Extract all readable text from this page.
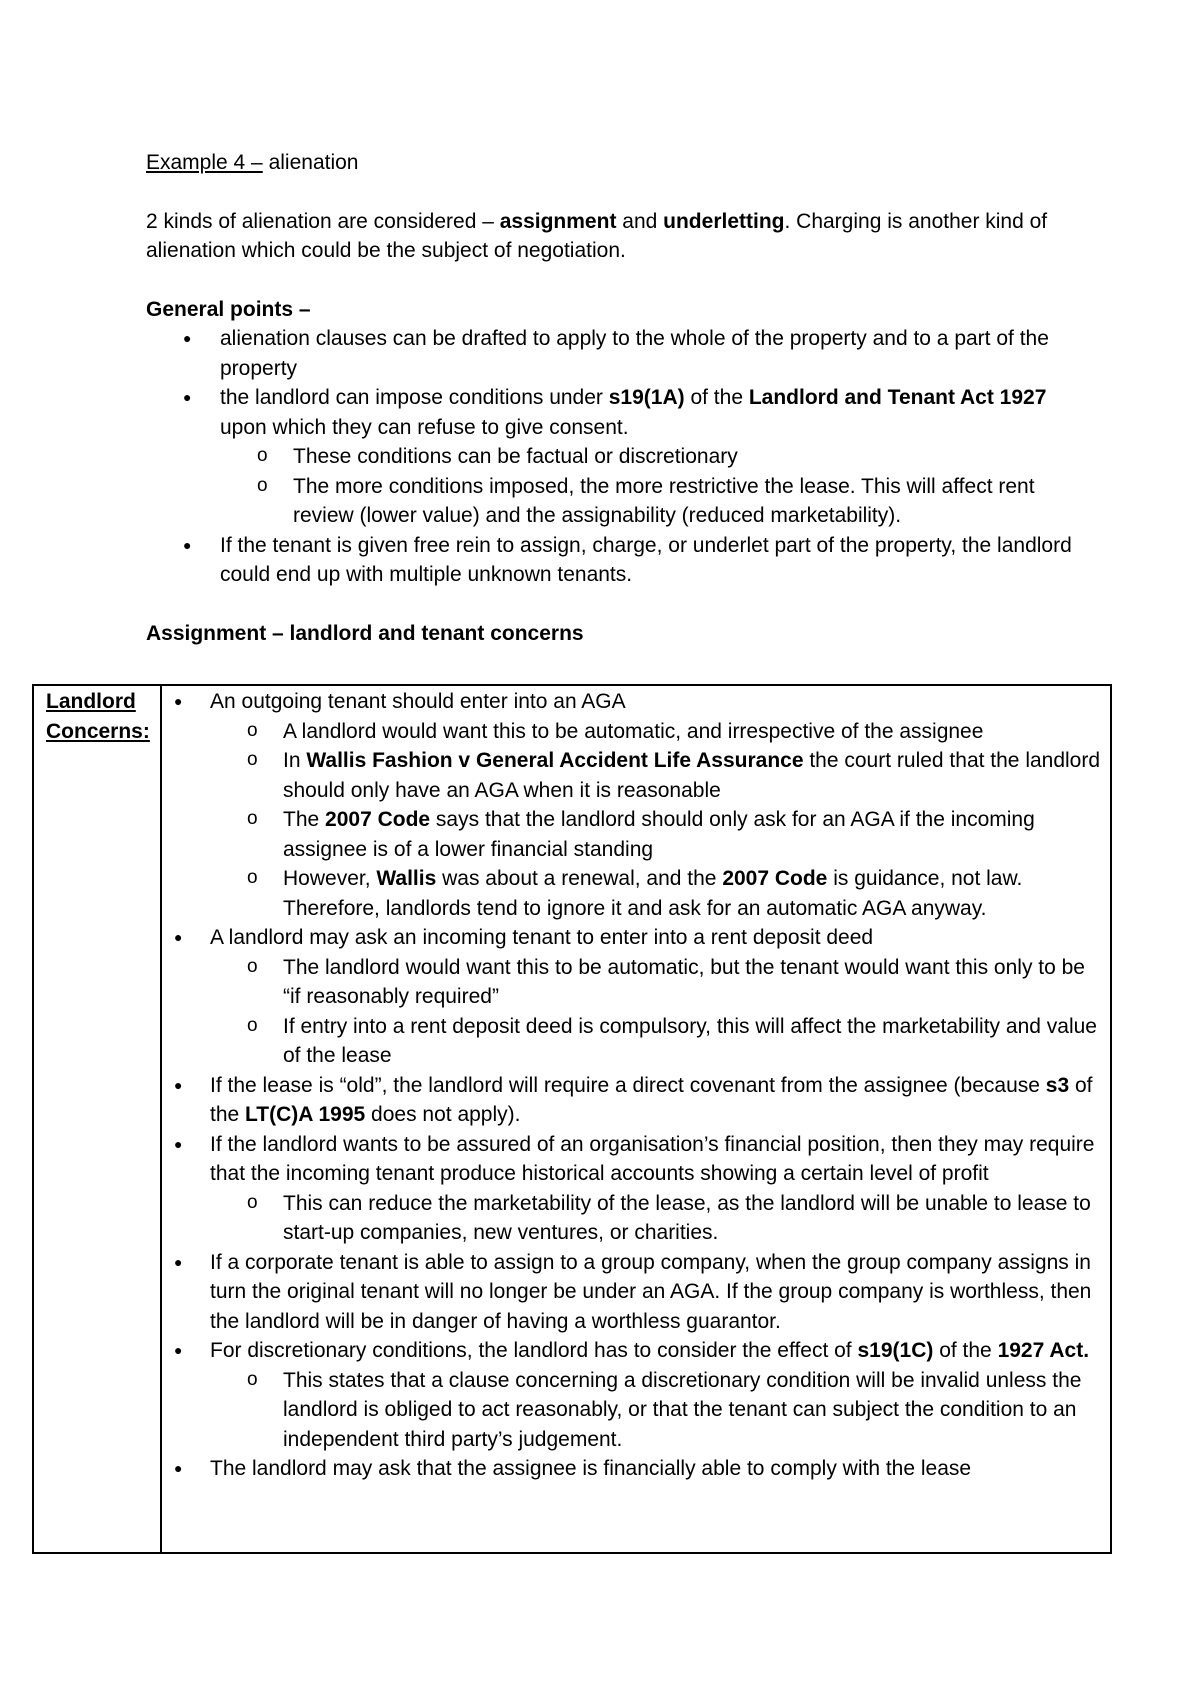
Example 4 – alienation

2 kinds of alienation are considered – assignment and underletting. Charging is another kind of alienation which could be the subject of negotiation.

General points –

● alienation clauses can be drafted to apply to the whole of the property and to a part of the property
● the landlord can impose conditions under s19(1A) of the Landlord and Tenant Act 1927 upon which they can refuse to give consent.
o These conditions can be factual or discretionary
o The more conditions imposed, the more restrictive the lease. This will affect rent review (lower value) and the assignability (reduced marketability).
● If the tenant is given free rein to assign, charge, or underlet part of the property, the landlord could end up with multiple unknown tenants.

Assignment – landlord and tenant concerns

Landlord Concerns:
● An outgoing tenant should enter into an AGA
o A landlord would want this to be automatic, and irrespective of the assignee
o In Wallis Fashion v General Accident Life Assurance the court ruled that the landlord should only have an AGA when it is reasonable
o The 2007 Code says that the landlord should only ask for an AGA if the incoming assignee is of a lower financial standing
o However, Wallis was about a renewal, and the 2007 Code is guidance, not law. Therefore, landlords tend to ignore it and ask for an automatic AGA anyway.
● A landlord may ask an incoming tenant to enter into a rent deposit deed
o The landlord would want this to be automatic, but the tenant would want this only to be “if reasonably required”
o If entry into a rent deposit deed is compulsory, this will affect the marketability and value of the lease
● If the lease is “old”, the landlord will require a direct covenant from the assignee (because s3 of the LT(C)A 1995 does not apply).
● If the landlord wants to be assured of an organisation’s financial position, then they may require that the incoming tenant produce historical accounts showing a certain level of profit
o This can reduce the marketability of the lease, as the landlord will be unable to lease to start-up companies, new ventures, or charities.
● If a corporate tenant is able to assign to a group company, when the group company assigns in turn the original tenant will no longer be under an AGA. If the group company is worthless, then the landlord will be in danger of having a worthless guarantor.
● For discretionary conditions, the landlord has to consider the effect of s19(1C) of the 1927 Act.
o This states that a clause concerning a discretionary condition will be invalid unless the landlord is obliged to act reasonably, or that the tenant can subject the condition to an independent third party’s judgement.
● The landlord may ask that the assignee is financially able to comply with the lease
